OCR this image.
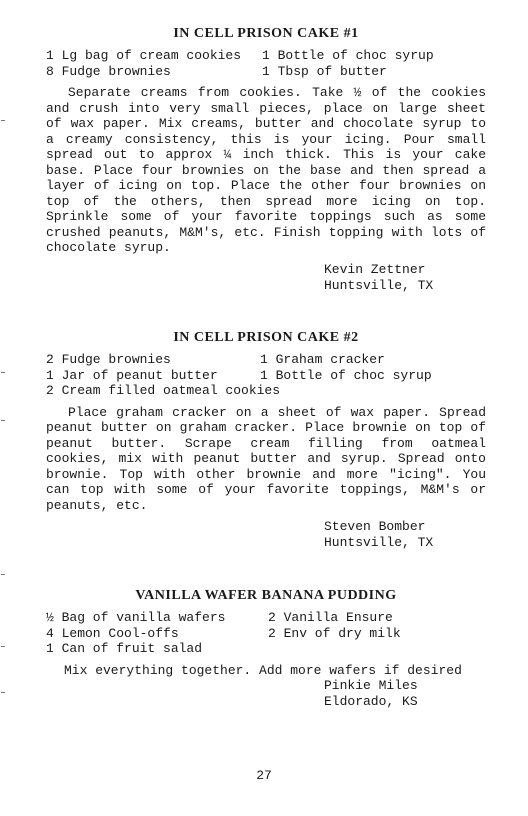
IN CELL PRISON CAKE #1
1 Lg bag of cream cookies	1 Bottle of choc syrup
8 Fudge brownies	1 Tbsp of butter

Separate creams from cookies. Take ½ of the cookies and crush into very small pieces, place on large sheet of wax paper. Mix creams, butter and chocolate syrup to a creamy consistency, this is your icing. Pour small spread out to approx ¼ inch thick. This is your cake base. Place four brownies on the base and then spread a layer of icing on top. Place the other four brownies on top of the others, then spread more icing on top. Sprinkle some of your favorite toppings such as some crushed peanuts, M&M's, etc. Finish topping with lots of chocolate syrup.

Kevin Zettner
Huntsville, TX
IN CELL PRISON CAKE #2
2 Fudge brownies	1 Graham cracker
1 Jar of peanut butter	1 Bottle of choc syrup
2 Cream filled oatmeal cookies

Place graham cracker on a sheet of wax paper. Spread peanut butter on graham cracker. Place brownie on top of peanut butter. Scrape cream filling from oatmeal cookies, mix with peanut butter and syrup. Spread onto brownie. Top with other brownie and more "icing". You can top with some of your favorite toppings, M&M's or peanuts, etc.

Steven Bomber
Huntsville, TX
VANILLA WAFER BANANA PUDDING
½ Bag of vanilla wafers	2 Vanilla Ensure
4 Lemon Cool-offs	2 Env of dry milk
1 Can of fruit salad

Mix everything together. Add more wafers if desired

Pinkie Miles
Eldorado, KS
27
